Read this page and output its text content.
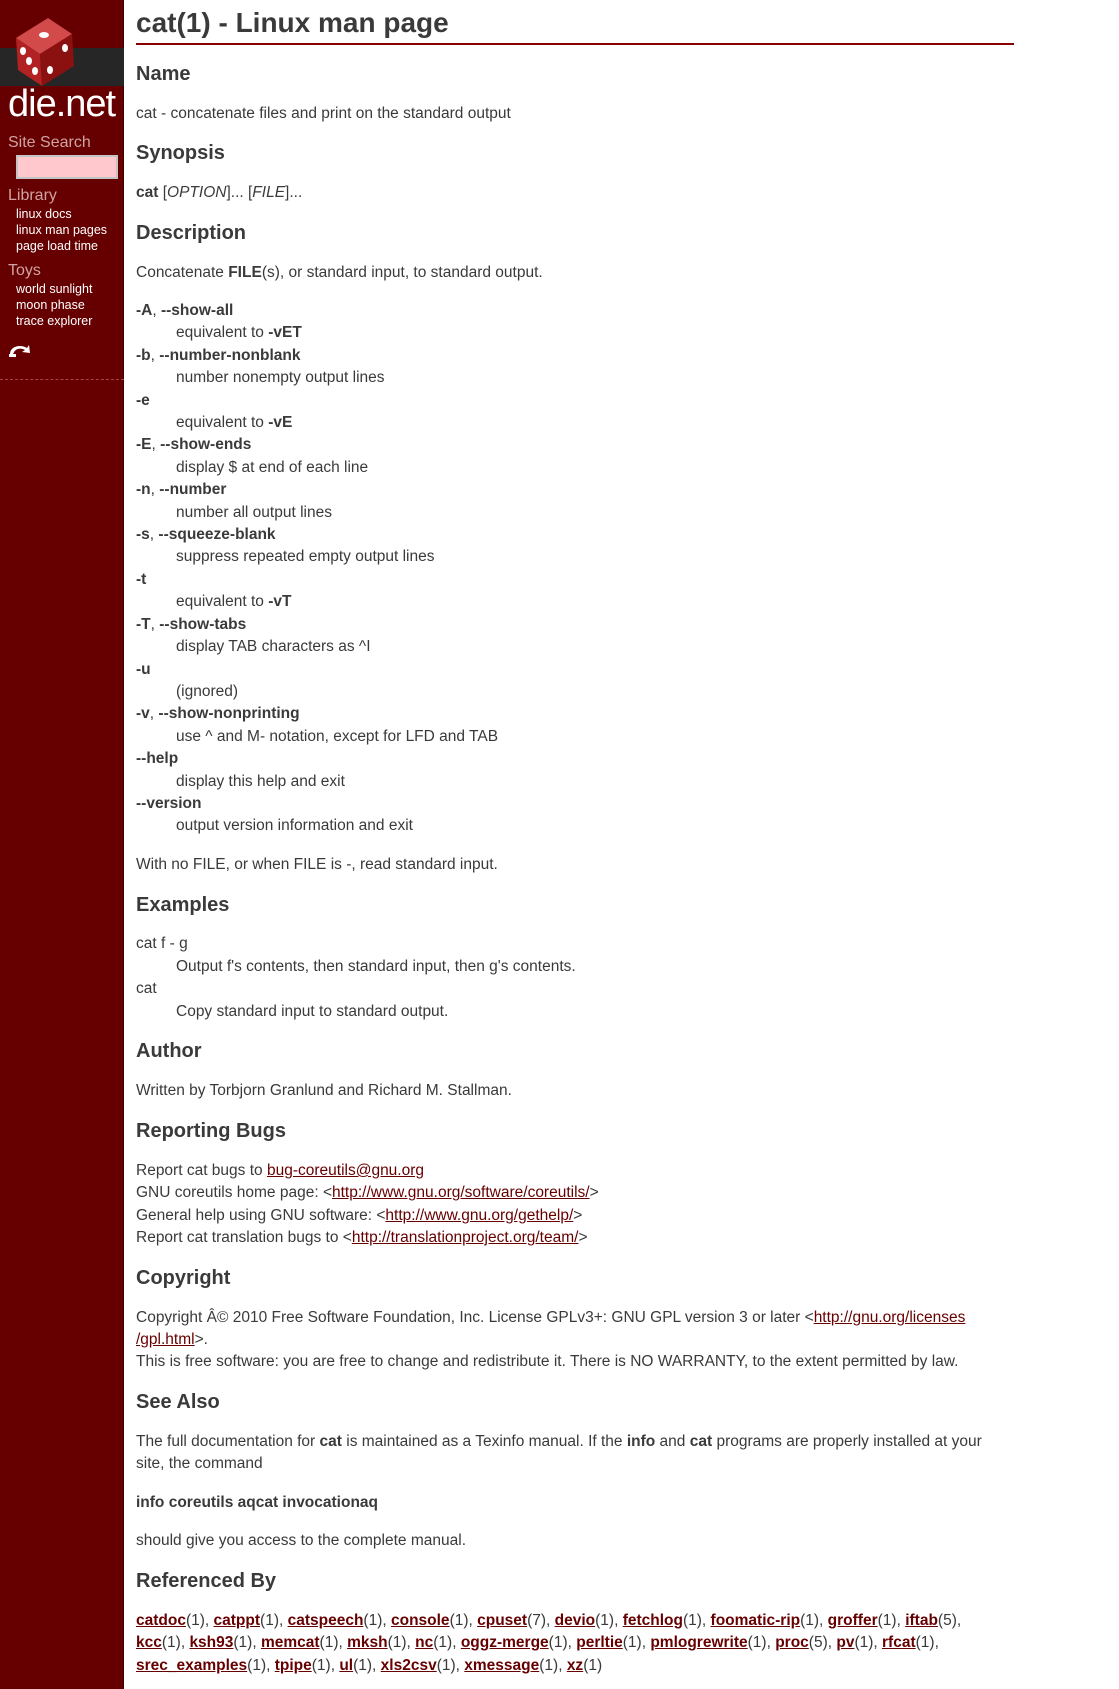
die.net
Site Search
Library
linux docs
linux man pages
page load time
Toys
world sunlight
moon phase
trace explorer
cat(1) - Linux man page
Name
cat - concatenate files and print on the standard output
Synopsis
cat [OPTION]... [FILE]...
Description
Concatenate FILE(s), or standard input, to standard output.
-A, --show-all
equivalent to -vET
-b, --number-nonblank
number nonempty output lines
-e
equivalent to -vE
-E, --show-ends
display $ at end of each line
-n, --number
number all output lines
-s, --squeeze-blank
suppress repeated empty output lines
-t
equivalent to -vT
-T, --show-tabs
display TAB characters as ^I
-u
(ignored)
-v, --show-nonprinting
use ^ and M- notation, except for LFD and TAB
--help
display this help and exit
--version
output version information and exit
With no FILE, or when FILE is -, read standard input.
Examples
cat f - g
Output f's contents, then standard input, then g's contents.
cat
Copy standard input to standard output.
Author
Written by Torbjorn Granlund and Richard M. Stallman.
Reporting Bugs
Report cat bugs to bug-coreutils@gnu.org
GNU coreutils home page: <http://www.gnu.org/software/coreutils/>
General help using GNU software: <http://www.gnu.org/gethelp/>
Report cat translation bugs to <http://translationproject.org/team/>
Copyright
Copyright Â© 2010 Free Software Foundation, Inc. License GPLv3+: GNU GPL version 3 or later <http://gnu.org/licenses
/gpl.html>.
This is free software: you are free to change and redistribute it. There is NO WARRANTY, to the extent permitted by law.
See Also
The full documentation for cat is maintained as a Texinfo manual. If the info and cat programs are properly installed at your
site, the command
info coreutils aqcat invocationaq
should give you access to the complete manual.
Referenced By
catdoc(1), catppt(1), catspeech(1), console(1), cpuset(7), devio(1), fetchlog(1), foomatic-rip(1), groffer(1), iftab(5),
kcc(1), ksh93(1), memcat(1), mksh(1), nc(1), oggz-merge(1), perltie(1), pmlogrewrite(1), proc(5), pv(1), rfcat(1),
srec_examples(1), tpipe(1), ul(1), xls2csv(1), xmessage(1), xz(1)
